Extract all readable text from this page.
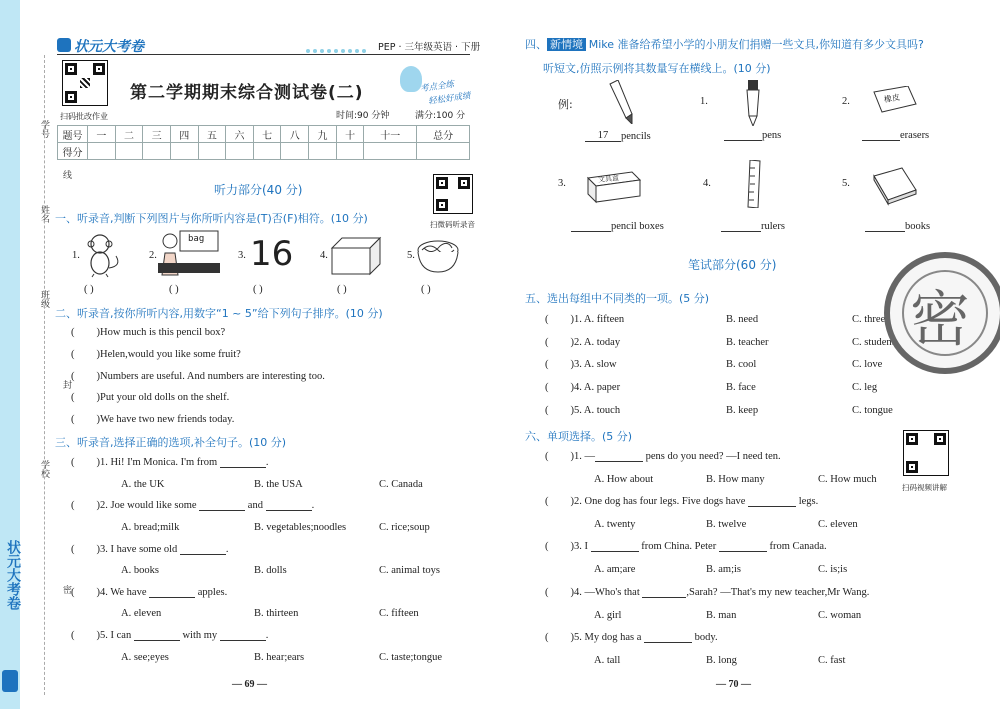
状元大考卷
学号
姓名
班级
学校
线
封
密
状元大考卷	PEP · 三年级英语 · 下册
扫码批改作业
第二学期期末综合测试卷(二)	考点全练
轻松好成绩
时间:90 分钟	满分:100 分
题号	一	二	三	四	五	六	七	八	九	十	十一	总分
得分												
听力部分(40 分)
扫微码听录音
一、听录音,判断下列图片与你所听内容是(T)否(F)相符。(10 分)
1.	2.
bag
3. 16	4.	5.
( )	( )	( )	( )	( )
二、听录音,按你所听内容,用数字“1 ~ 5”给下列句子排序。(10 分)
( )How much is this pencil box?
( )Helen,would you like some fruit?
( )Numbers are useful. And numbers are interesting too.
( )Put your old dolls on the shelf.
( )We have two new friends today.
三、听录音,选择正确的选项,补全句子。(10 分)
( )1. Hi! I'm Monica. I'm from	.
A. the UK	B. the USA	C. Canada
( )2. Joe would like some	and	.
A. bread;milk	B. vegetables;noodles	C. rice;soup
( )3. I have some old	.
A. books	B. dolls	C. animal toys
( )4. We have	apples.
A. eleven	B. thirteen	C. fifteen
( )5. I can	with my	.
A. see;eyes	B. hear;ears	C. taste;tongue
— 69 —
四、 新情境 Mike 准备给希望小学的小朋友们捐赠一些文具,你知道有多少文具吗?
听短文,仿照示例将其数量写在横线上。(10 分)
例:	1.	2.	橡皮
17 pencils	pens	erasers
3.	文具盒	4.	5.
pencil boxes	rulers	books
笔试部分(60 分)
五、选出每组中不同类的一项。(5 分)
( )1. A. fifteen	B. need	C. three
( )2. A. today	B. teacher	C. student
( )3. A. slow	B. cool	C. love
( )4. A. paper	B. face	C. leg
( )5. A. touch	B. keep	C. tongue
密
六、单项选择。(5 分)
扫码视频讲解
( )1. —	pens do you need? —I need ten.
A. How about	B. How many	C. How much
( )2. One dog has four legs. Five dogs have	legs.
A. twenty	B. twelve	C. eleven
( )3. I	from China. Peter	from Canada.
A. am;are	B. am;is	C. is;is
( )4. —Who's that	,Sarah? —That's my new teacher,Mr Wang.
A. girl	B. man	C. woman
( )5. My dog has a	body.
A. tall	B. long	C. fast
— 70 —
